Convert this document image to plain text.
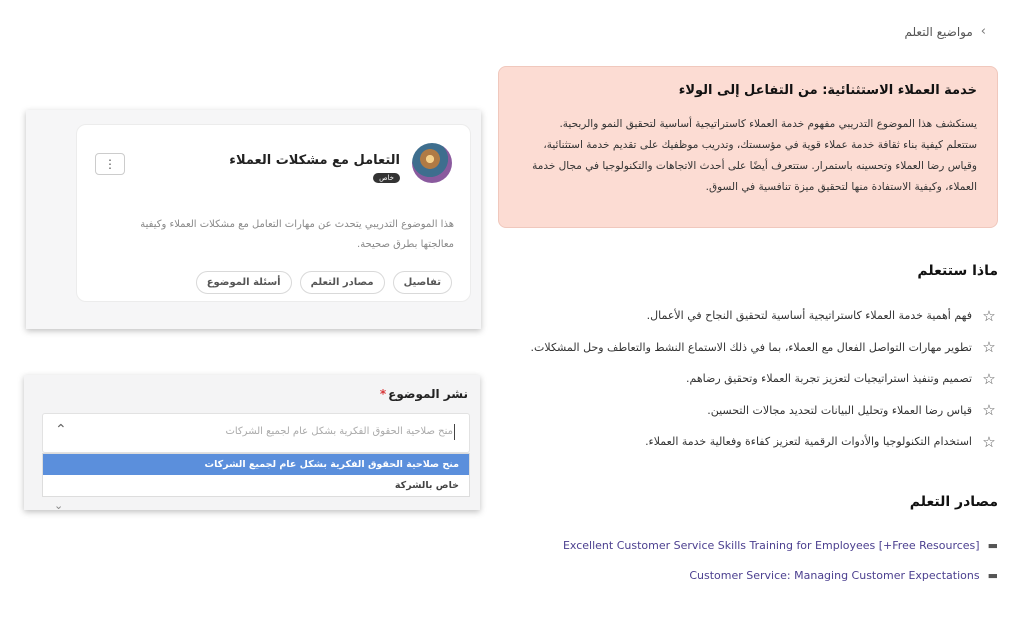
›
مواضيع التعلم
خدمة العملاء الاستثنائية: من التفاعل إلى الولاء
يستكشف هذا الموضوع التدريبي مفهوم خدمة العملاء كاستراتيجية أساسية لتحقيق النمو والربحية.
ستتعلم كيفية بناء ثقافة خدمة عملاء قوية في مؤسستك، وتدريب موظفيك على تقديم خدمة استثنائية،
وقياس رضا العملاء وتحسينه باستمرار. ستتعرف أيضًا على أحدث الاتجاهات والتكنولوجيا في مجال خدمة
العملاء، وكيفية الاستفادة منها لتحقيق ميزة تنافسية في السوق.
ماذا ستتعلم
☆
فهم أهمية خدمة العملاء كاستراتيجية أساسية لتحقيق النجاح في الأعمال.
☆
تطوير مهارات التواصل الفعال مع العملاء، بما في ذلك الاستماع النشط والتعاطف وحل المشكلات.
☆
تصميم وتنفيذ استراتيجيات لتعزيز تجربة العملاء وتحقيق رضاهم.
☆
قياس رضا العملاء وتحليل البيانات لتحديد مجالات التحسين.
☆
استخدام التكنولوجيا والأدوات الرقمية لتعزيز كفاءة وفعالية خدمة العملاء.
مصادر التعلم
▬
Excellent Customer Service Skills Training for Employees [+Free Resources]
▬
Customer Service: Managing Customer Expectations
التعامل مع مشكلات العملاء
خاص
⋮
هذا الموضوع التدريبي يتحدث عن مهارات التعامل مع مشكلات العملاء وكيفية
معالجتها بطرق صحيحة.
تفاصيل
مصادر التعلم
أسئلة الموضوع
نشر الموضوع*
منح صلاحية الحقوق الفكرية بشكل عام لجميع الشركات
⌃
منح صلاحية الحقوق الفكرية بشكل عام لجميع الشركات
خاص بالشركة
⌄
